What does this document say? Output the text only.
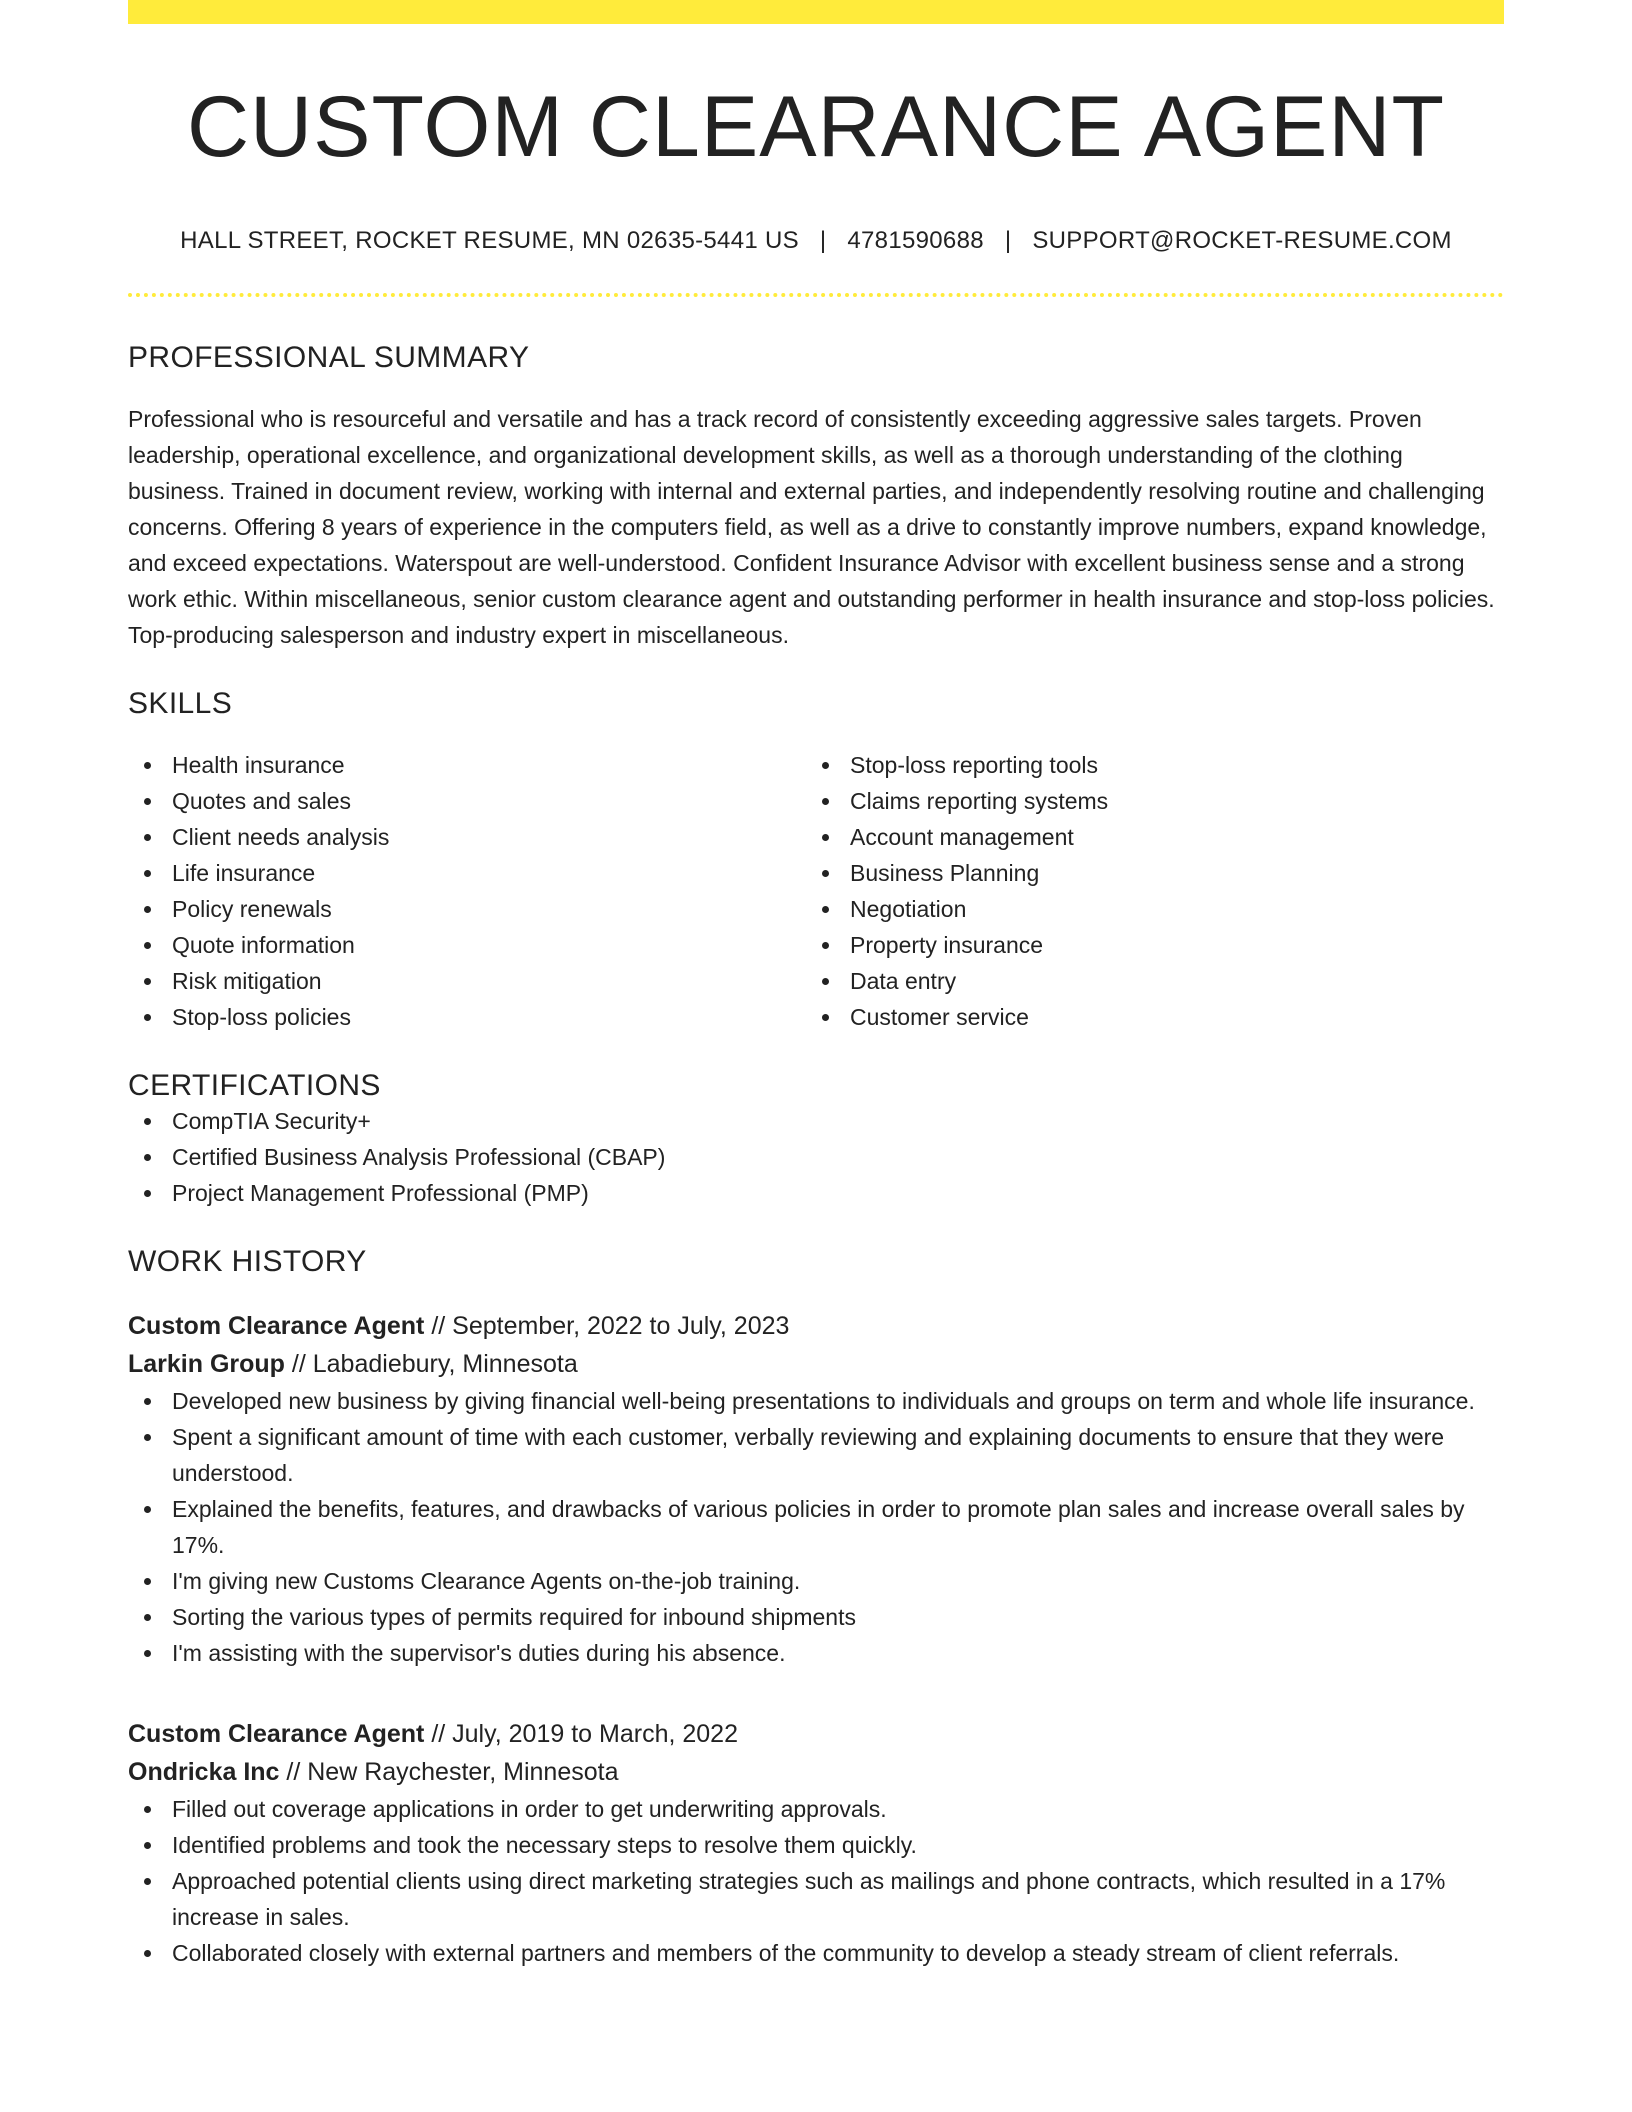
CUSTOM CLEARANCE AGENT
HALL STREET, ROCKET RESUME, MN 02635-5441 US | 4781590688 | SUPPORT@ROCKET-RESUME.COM
PROFESSIONAL SUMMARY

Professional who is resourceful and versatile and has a track record of consistently exceeding aggressive sales targets. Proven leadership, operational excellence, and organizational development skills, as well as a thorough understanding of the clothing business. Trained in document review, working with internal and external parties, and independently resolving routine and challenging concerns. Offering 8 years of experience in the computers field, as well as a drive to constantly improve numbers, expand knowledge, and exceed expectations. Waterspout are well-understood. Confident Insurance Advisor with excellent business sense and a strong work ethic. Within miscellaneous, senior custom clearance agent and outstanding performer in health insurance and stop-loss policies. Top-producing salesperson and industry expert in miscellaneous.

SKILLS
Health insurance
Quotes and sales
Client needs analysis
Life insurance
Policy renewals
Quote information
Risk mitigation
Stop-loss policies
Stop-loss reporting tools
Claims reporting systems
Account management
Business Planning
Negotiation
Property insurance
Data entry
Customer service
CERTIFICATIONS
CompTIA Security+
Certified Business Analysis Professional (CBAP)
Project Management Professional (PMP)
WORK HISTORY
Custom Clearance Agent // September, 2022 to July, 2023
Larkin Group // Labadiebury, Minnesota
Developed new business by giving financial well-being presentations to individuals and groups on term and whole life insurance.
Spent a significant amount of time with each customer, verbally reviewing and explaining documents to ensure that they were understood.
Explained the benefits, features, and drawbacks of various policies in order to promote plan sales and increase overall sales by 17%.
I'm giving new Customs Clearance Agents on-the-job training.
Sorting the various types of permits required for inbound shipments
I'm assisting with the supervisor's duties during his absence.
Custom Clearance Agent // July, 2019 to March, 2022
Ondricka Inc // New Raychester, Minnesota
Filled out coverage applications in order to get underwriting approvals.
Identified problems and took the necessary steps to resolve them quickly.
Approached potential clients using direct marketing strategies such as mailings and phone contracts, which resulted in a 17% increase in sales.
Collaborated closely with external partners and members of the community to develop a steady stream of client referrals.
